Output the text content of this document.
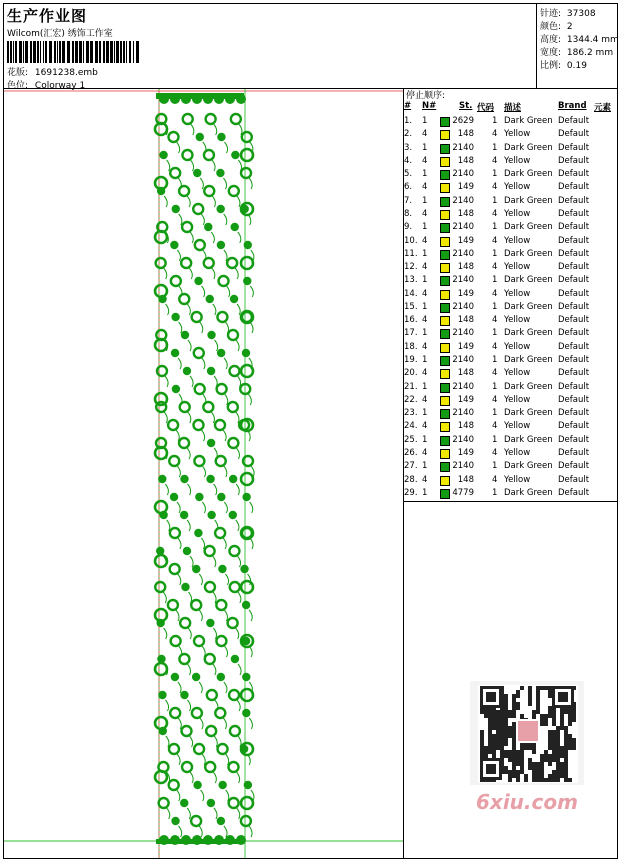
生产作业图
Wilcom(汇宏) 绣饰工作室
花版: 1691238.emb
色位: Colorway 1
针迹: 37308
颜色: 2
高度: 1344.4 mm
宽度: 186.2 mm
比例: 0.19
停止顺序:
# N#	St. 代码 描述	Brand 元素
1. 1	2629 1 Dark Green Default
2. 4	148 4 Yellow	Default
3. 1	2140 1 Dark Green Default
4. 4	148 4 Yellow	Default
5. 1	2140 1 Dark Green Default
6. 4	149 4 Yellow	Default
7. 1	2140 1 Dark Green Default
8. 4	148 4 Yellow	Default
9. 1	2140 1 Dark Green Default
10. 4	149 4 Yellow	Default
11. 1	2140 1 Dark Green Default
12. 4	148 4 Yellow	Default
13. 1	2140 1 Dark Green Default
14. 4	149 4 Yellow	Default
15. 1	2140 1 Dark Green Default
16. 4	148 4 Yellow	Default
17. 1	2140 1 Dark Green Default
18. 4	149 4 Yellow	Default
19. 1	2140 1 Dark Green Default
20. 4	148 4 Yellow	Default
21. 1	2140 1 Dark Green Default
22. 4	149 4 Yellow	Default
23. 1	2140 1 Dark Green Default
24. 4	148 4 Yellow	Default
25. 1	2140 1 Dark Green Default
26. 4	149 4 Yellow	Default
27. 1	2140 1 Dark Green Default
28. 4	148 4 Yellow	Default
29. 1	4779 1 Dark Green Default
6xiu.com
